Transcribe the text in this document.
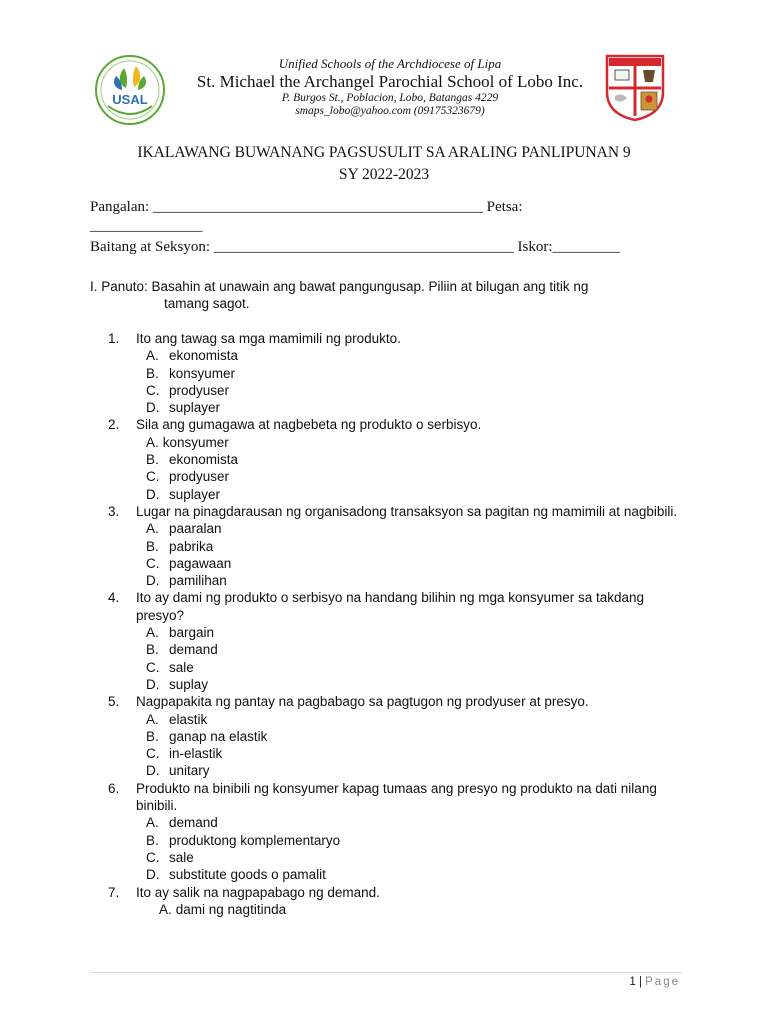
USAL
Unified Schools of the Archdiocese of Lipa
St. Michael the Archangel Parochial School of Lobo Inc.
P. Burgos St., Poblacion, Lobo, Batangas 4229
smaps_lobo@yahoo.com (09175323679)
IKALAWANG BUWANANG PAGSUSULIT SA ARALING PANLIPUNAN 9
SY 2022-2023

Pangalan: ____________________________________________ Petsa:

_______________

Baitang at Seksyon: ________________________________________ Iskor:_________

I. Panuto: Basahin at unawain ang bawat pangungusap. Piliin at bilugan ang titik ng
tamang sagot.
1.	Ito ang tawag sa mga mamimili ng produkto.
A. ekonomista
B. konsyumer
C. prodyuser
D. suplayer
2.	Sila ang gumagawa at nagbebeta ng produkto o serbisyo.
A. konsyumer
B. ekonomista
C. prodyuser
D. suplayer
3.	Lugar na pinagdarausan ng organisadong transaksyon sa pagitan ng mamimili at nagbibili.
A. paaralan
B. pabrika
C. pagawaan
D. pamilihan
4.	Ito ay dami ng produkto o serbisyo na handang bilihin ng mga konsyumer sa takdang presyo?
A. bargain
B. demand
C. sale
D. suplay
5.	Nagpapakita ng pantay na pagbabago sa pagtugon ng prodyuser at presyo.
A. elastik
B. ganap na elastik
C. in-elastik
D. unitary
6.	Produkto na binibili ng konsyumer kapag tumaas ang presyo ng produkto na dati nilang binibili.
A. demand
B. produktong komplementaryo
C. sale
D. substitute goods o pamalit
7.	Ito ay salik na nagpapabago ng demand.
A. dami ng nagtitinda
1 | Page
